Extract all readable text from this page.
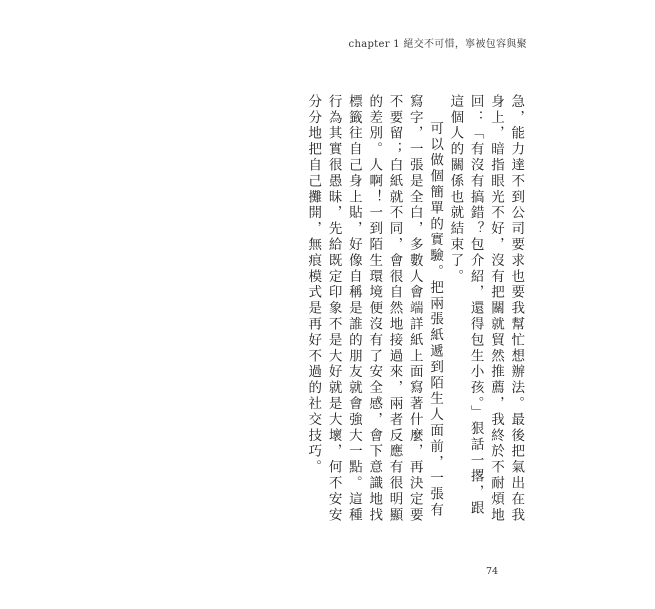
chapter 1 絕交不可惜，寧被包容與聚

急，能力達不到公司要求也要我幫忙想辦法。最後把氣出在我身上，暗指眼光不好，沒有把關就貿然推薦，我終於不耐煩地回：「有沒有搞錯？包介紹，還得包生小孩。」狠話一撂，跟這個人的關係也就結束了。

可以做個簡單的實驗。把兩張紙遞到陌生人面前，一張有寫字，一張是全白，多數人會端詳紙上面寫著什麼，再決定要不要留；白紙就不同，會很自然地接過來，兩者反應有很明顯的差別。人啊！一到陌生環境便沒有了安全感，會下意識地找標籤往自己身上貼，好像自稱是誰的朋友就會強大一點。這種行為其實很愚昧，先給既定印象不是大好就是大壞，何不安安分分地把自己攤開，無痕模式是再好不過的社交技巧。

74
